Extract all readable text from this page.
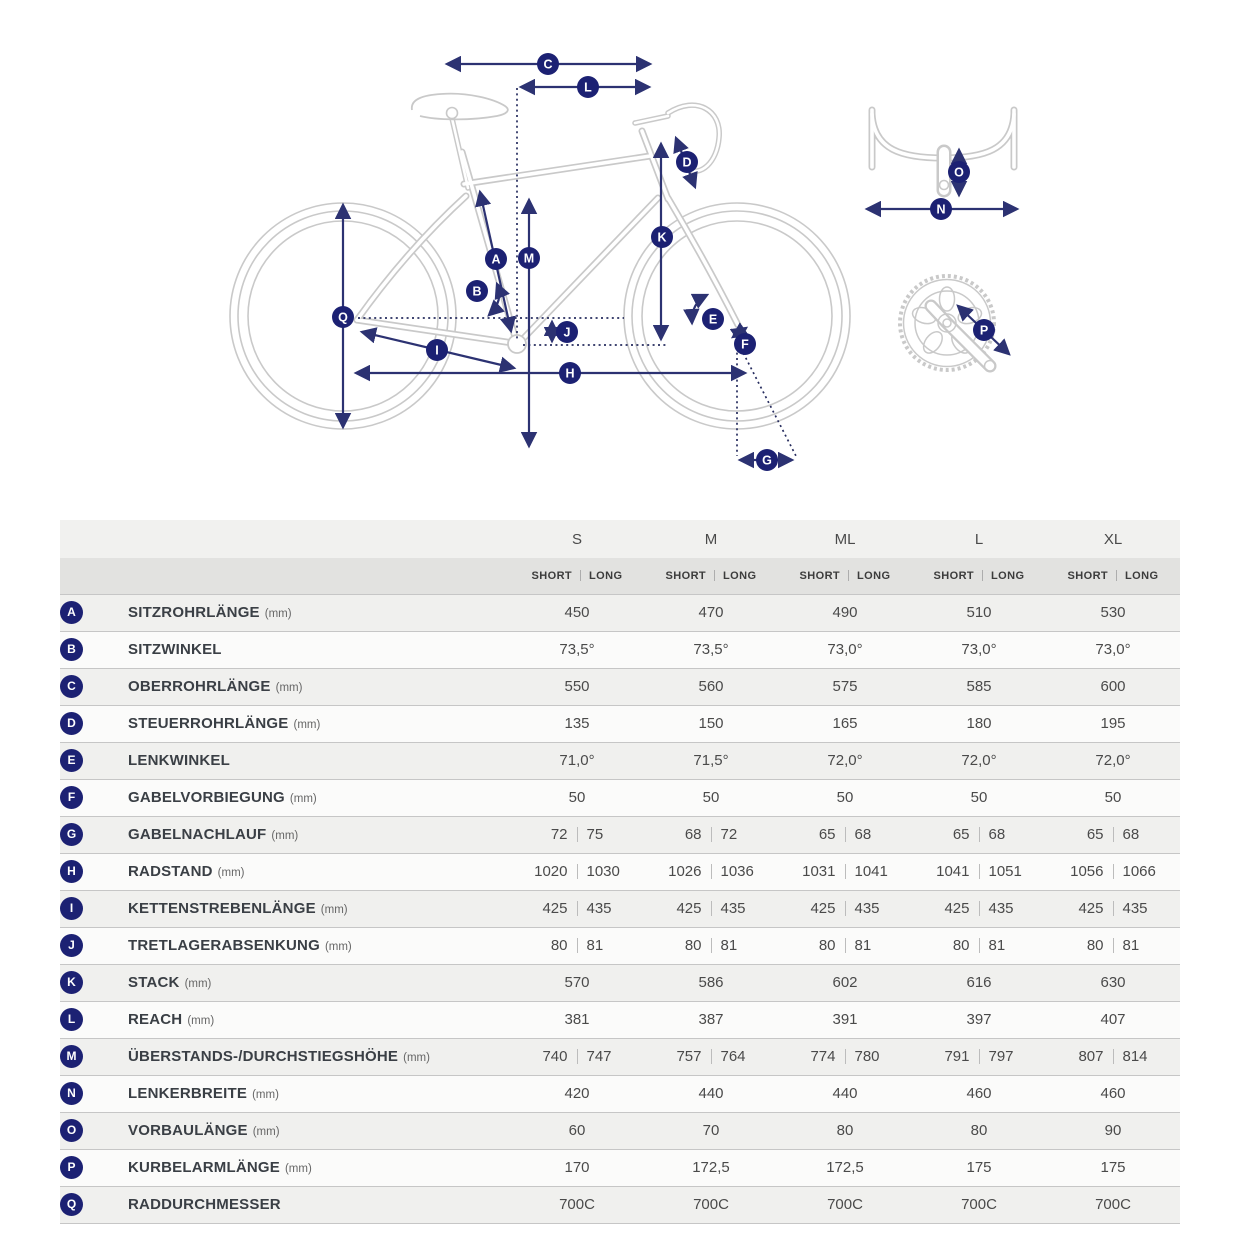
A
B
C
D
E
F
G
H
I
J
K
L
M
N
O
P
Q
	S	M	ML	L	XL

	SHORT LONG	SHORT LONG	SHORT LONG	SHORT LONG	SHORT LONG

A SITZROHRLÄNGE (mm)	450	470	490	510	530

B SITZWINKEL	73,5°	73,5°	73,0°	73,0°	73,0°

C OBERROHRLÄNGE (mm)	550	560	575	585	600

D STEUERROHRLÄNGE (mm)	135	150	165	180	195

E LENKWINKEL	71,0°	71,5°	72,0°	72,0°	72,0°

F GABELVORBIEGUNG (mm)	50	50	50	50	50

G GABELNACHLAUF (mm)	72 75	68 72	65 68	65 68	65 68

H RADSTAND (mm)	1020 1030	1026 1036	1031 1041	1041 1051	1056 1066

I KETTENSTREBENLÄNGE (mm)	425 435	425 435	425 435	425 435	425 435

J TRETLAGERABSENKUNG (mm)	80 81	80 81	80 81	80 81	80 81

K STACK (mm)	570	586	602	616	630

L REACH (mm)	381	387	391	397	407

M ÜBERSTANDS-/DURCHSTIEGSHÖHE (mm)	740 747	757 764	774 780	791 797	807 814

N LENKERBREITE (mm)	420	440	440	460	460

O VORBAULÄNGE (mm)	60	70	80	80	90

P KURBELARMLÄNGE (mm)	170	172,5	172,5	175	175

Q RADDURCHMESSER	700C	700C	700C	700C	700C
